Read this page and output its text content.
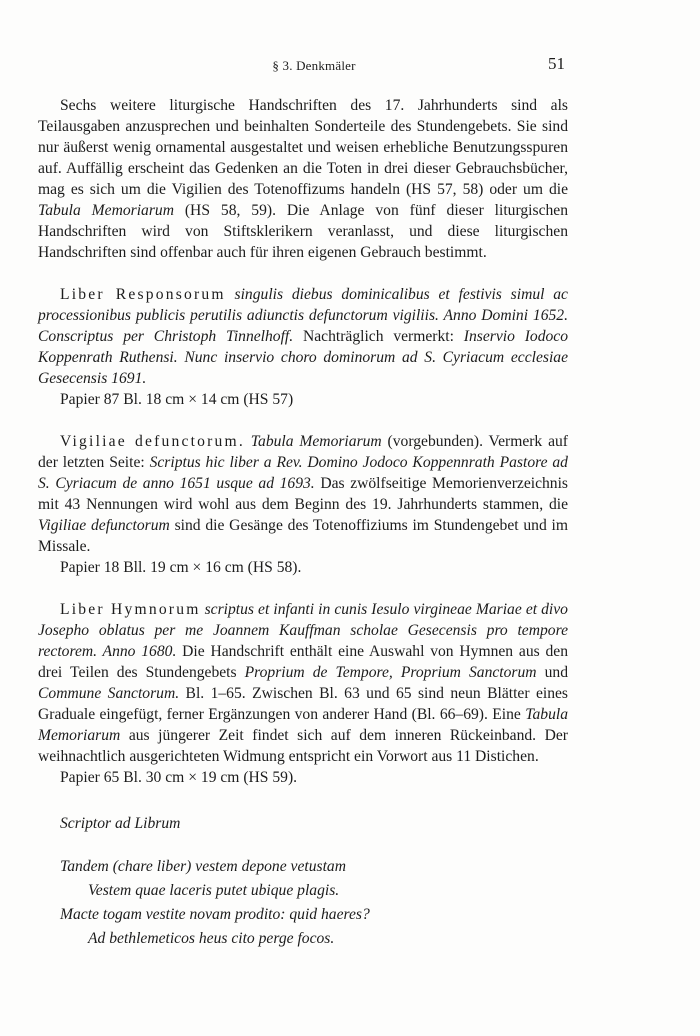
§ 3. Denkmäler	51

Sechs weitere liturgische Handschriften des 17. Jahrhunderts sind als Teilausgaben anzusprechen und beinhalten Sonderteile des Stundengebets. Sie sind nur äußerst wenig ornamental ausgestaltet und weisen erhebliche Benutzungsspuren auf. Auffällig erscheint das Gedenken an die Toten in drei dieser Gebrauchsbücher, mag es sich um die Vigilien des Totenoffizums handeln (HS 57, 58) oder um die Tabula Memoriarum (HS 58, 59). Die Anlage von fünf dieser liturgischen Handschriften wird von Stiftsklerikern veranlasst, und diese liturgischen Handschriften sind offenbar auch für ihren eigenen Gebrauch bestimmt.

Liber Responsorum singulis diebus dominicalibus et festivis simul ac processionibus publicis perutilis adiunctis defunctorum vigiliis. Anno Domini 1652. Conscriptus per Christoph Tinnelhoff. Nachträglich vermerkt: Inservio Iodoco Koppenrath Ruthensi. Nunc inservio choro dominorum ad S. Cyriacum ecclesiae Gesecensis 1691.

Papier 87 Bl. 18 cm × 14 cm (HS 57)

Vigiliae defunctorum. Tabula Memoriarum (vorgebunden). Vermerk auf der letzten Seite: Scriptus hic liber a Rev. Domino Jodoco Koppennrath Pastore ad S. Cyriacum de anno 1651 usque ad 1693. Das zwölfseitige Memorienverzeichnis mit 43 Nennungen wird wohl aus dem Beginn des 19. Jahrhunderts stammen, die Vigiliae defunctorum sind die Gesänge des Totenoffiziums im Stundengebet und im Missale.

Papier 18 Bll. 19 cm × 16 cm (HS 58).

Liber Hymnorum scriptus et infanti in cunis Iesulo virgineae Mariae et divo Josepho oblatus per me Joannem Kauffman scholae Gesecensis pro tempore rectorem. Anno 1680. Die Handschrift enthält eine Auswahl von Hymnen aus den drei Teilen des Stundengebets Proprium de Tempore, Proprium Sanctorum und Commune Sanctorum. Bl. 1–65. Zwischen Bl. 63 und 65 sind neun Blätter eines Graduale eingefügt, ferner Ergänzungen von anderer Hand (Bl. 66–69). Eine Tabula Memoriarum aus jüngerer Zeit findet sich auf dem inneren Rückeinband. Der weihnachtlich ausgerichteten Widmung entspricht ein Vorwort aus 11 Distichen.

Papier 65 Bl. 30 cm × 19 cm (HS 59).

Scriptor ad Librum
Tandem (chare liber) vestem depone vetustam
Vestem quae laceris putet ubique plagis.
Macte togam vestite novam prodito: quid haeres?
Ad bethlemeticos heus cito perge focos.
